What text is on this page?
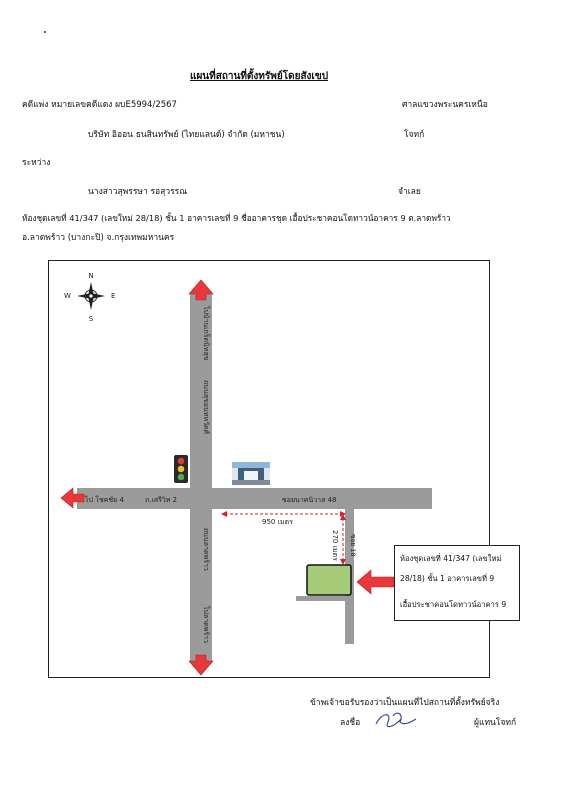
แผนที่สถานที่ตั้งทรัพย์โดยสังเขป
คดีแพ่ง หมายเลขคดีแดง ผบE5994/2567	ศาลแขวงพระนครเหนือ
บริษัท อิออน ธนสินทรัพย์ (ไทยแลนด์) จำกัด (มหาชน)	โจทก์
ระหว่าง
นางสาวสุพรรษา รอสุวรรณ	จำเลย
ห้องชุดเลขที่ 41/347 (เลขใหม่ 28/18) ชั้น 1 อาคารเลขที่ 9 ชื่ออาคารชุด เอื้อประชาคอนโดทาวน์อาคาร 9 ต.ลาดพร้าว
อ.ลาดพร้าว (บางกะปิ) จ.กรุงเทพมหานคร
N
S
E
W
ไปบ้านเกร็ดนิทสุข
ถนนสุขอนทหวัดศ์
ถนนลาดพร้าว
ไปลาดพร้าว
ไป โชคชัย 4	ถ.เสรีวิท 2	ซอยนาคนิวาส 48
950 เมตร
270 เมตร ซอย 18
ห้องชุดเลขที่ 41/347 (เลขใหม่
28/18) ชั้น 1 อาคารเลขที่ 9
เอื้อประชาคอนโดทาวน์อาคาร 9
ข้าพเจ้าขอรับรองว่าเป็นแผนที่ไปสถานที่ตั้งทรัพย์จริง
ลงชื่อ	ผู้แทนโจทก์
